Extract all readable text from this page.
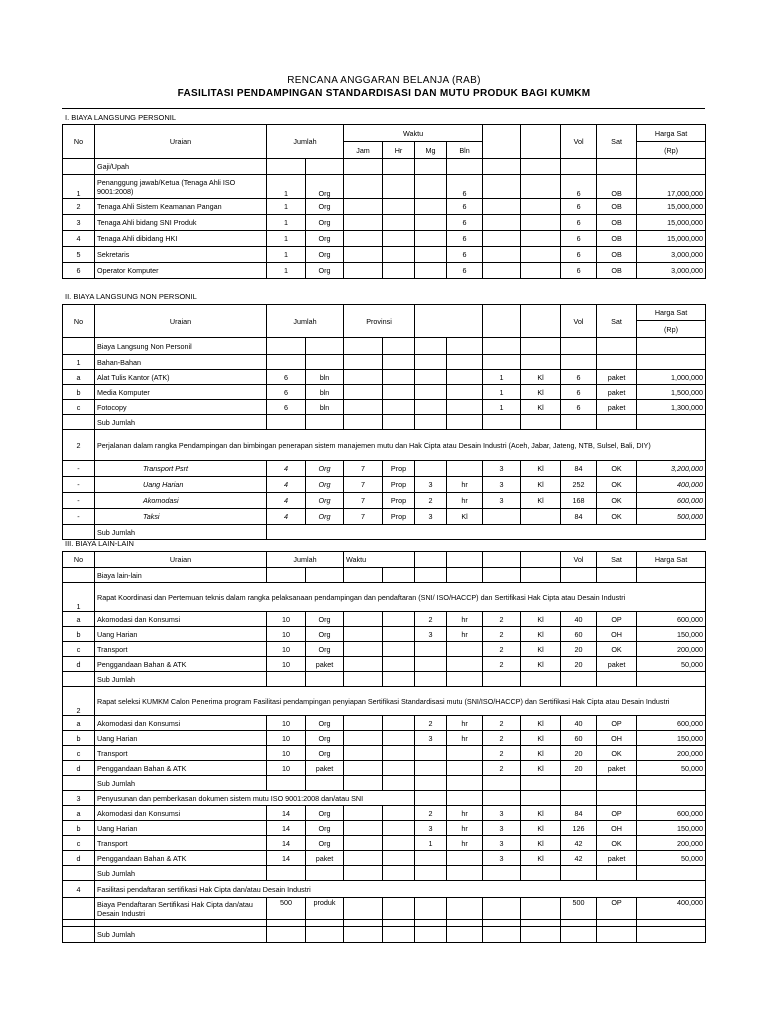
RENCANA ANGGARAN BELANJA (RAB)
FASILITASI PENDAMPINGAN STANDARDISASI DAN MUTU PRODUK BAGI KUMKM
I. BIAYA LANGSUNG PERSONIL
No	Uraian	Jumlah		Waktu						Vol	Sat	Harga Sat
				Jam	Hr	Mg	Bln					(Rp)
	Gaji/Upah											
1	Penanggung jawab/Ketua (Tenaga Ahli ISO 9001:2008)	1	Org				6			6	OB	17,000,000
2	Tenaga Ahli Sistem Keamanan Pangan	1	Org				6			6	OB	15,000,000
3	Tenaga Ahli bidang SNI Produk	1	Org				6			6	OB	15,000,000
4	Tenaga Ahli dibidang HKI	1	Org				6			6	OB	15,000,000
5	Sekretaris	1	Org				6			6	OB	3,000,000
6	Operator Komputer	1	Org				6			6	OB	3,000,000
II. BIAYA LANGSUNG NON PERSONIL
No	Uraian	Jumlah		Provinsi						Vol	Sat	Harga Sat
												(Rp)
	Biaya Langsung Non Personil											
1	Bahan-Bahan											
a	Alat Tulis Kantor (ATK)	6	bln					1	Kl	6	paket	1,000,000
b	Media Komputer	6	bln					1	Kl	6	paket	1,500,000
c	Fotocopy	6	bln					1	Kl	6	paket	1,300,000
	Sub Jumlah											
2	Perjalanan dalam rangka Pendampingan dan bimbingan penerapan sistem manajemen mutu dan Hak Cipta atau Desain Industri (Aceh, Jabar, Jateng, NTB, Sulsel, Bali, DIY)											
-	Transport Psrt	4	Org	7	Prop			3	Kl	84	OK	3,200,000
-	Uang Harian	4	Org	7	Prop	3	hr	3	Kl	252	OK	400,000
-	Akomodasi	4	Org	7	Prop	2	hr	3	Kl	168	OK	600,000
-	Taksi	4	Org	7	Prop	3	Kl			84	OK	500,000
	Sub Jumlah											
III. BIAYA LAIN-LAIN
No	Uraian	Jumlah		Waktu						Vol	Sat	Harga Sat
	Biaya lain-lain											
1	Rapat Koordinasi dan Pertemuan teknis dalam rangka pelaksanaan pendampingan dan pendaftaran (SNI/ ISO/HACCP) dan Sertifikasi Hak Cipta atau Desain Industri											
a	Akomodasi dan Konsumsi	10	Org			2	hr	2	Kl	40	OP	600,000
b	Uang Harian	10	Org			3	hr	2	Kl	60	OH	150,000
c	Transport	10	Org					2	Kl	20	OK	200,000
d	Penggandaan Bahan & ATK	10	paket					2	Kl	20	paket	50,000
	Sub Jumlah											
2	Rapat seleksi KUMKM Calon Penerima program Fasilitasi pendampingan penyiapan Sertifikasi Standardisasi mutu (SNI/ISO/HACCP) dan Sertifikasi Hak Cipta atau Desain Industri											
a	Akomodasi dan Konsumsi	10	Org			2	hr	2	Kl	40	OP	600,000
b	Uang Harian	10	Org			3	hr	2	Kl	60	OH	150,000
c	Transport	10	Org					2	Kl	20	OK	200,000
d	Penggandaan Bahan & ATK	10	paket					2	Kl	20	paket	50,000
	Sub Jumlah											
3	Penyusunan dan pemberkasan dokumen sistem mutu ISO 9001:2008 dan/atau SNI											
a	Akomodasi dan Konsumsi	14	Org			2	hr	3	Kl	84	OP	600,000
b	Uang Harian	14	Org			3	hr	3	Kl	126	OH	150,000
c	Transport	14	Org			1	hr	3	Kl	42	OK	200,000
d	Penggandaan Bahan & ATK	14	paket					3	Kl	42	paket	50,000
	Sub Jumlah											
4	Fasilitasi pendaftaran sertifikasi Hak Cipta dan/atau Desain Industri											
	Biaya Pendaftaran Sertifikasi Hak Cipta dan/atau Desain Industri	500	produk							500	OP	400,000

	Sub Jumlah											
